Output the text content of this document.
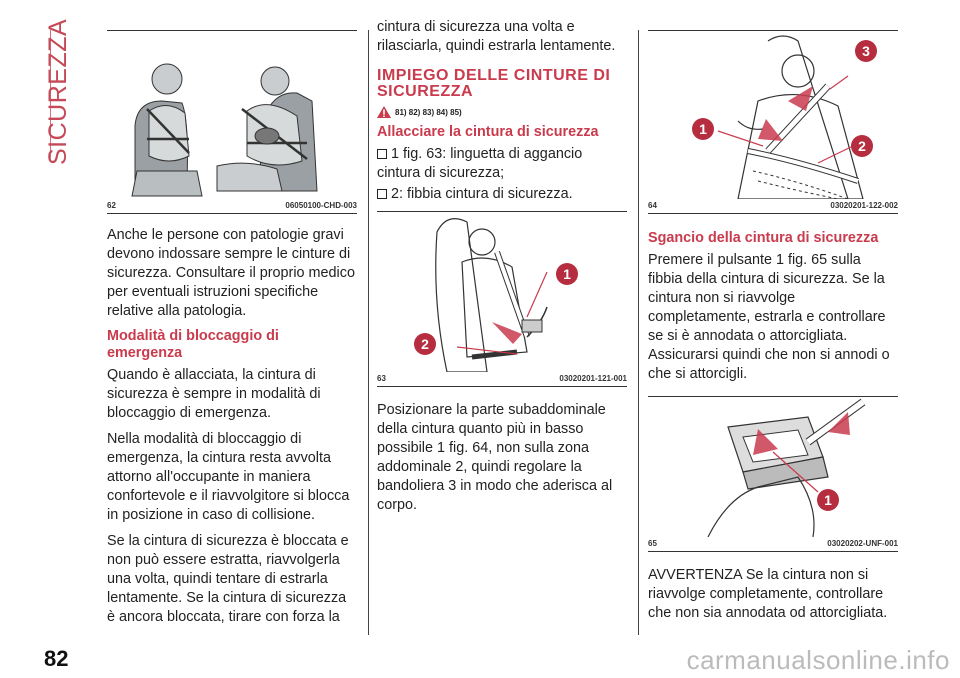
SICUREZZA
82
62	06050100-CHD-003

Anche le persone con patologie gravi devono indossare sempre le cinture di sicurezza. Consultare il proprio medico per eventuali istruzioni specifiche relative alla patologia.

Modalità di bloccaggio di emergenza

Quando è allacciata, la cintura di sicurezza è sempre in modalità di bloccaggio di emergenza.

Nella modalità di bloccaggio di emergenza, la cintura resta avvolta attorno all'occupante in maniera confortevole e il riavvolgitore si blocca in posizione in caso di collisione.

Se la cintura di sicurezza è bloccata e non può essere estratta, riavvolgerla una volta, quindi tentare di estrarla lentamente. Se la cintura di sicurezza è ancora bloccata, tirare con forza la

cintura di sicurezza una volta e rilasciarla, quindi estrarla lentamente.

IMPIEGO DELLE CINTURE DI SICUREZZA
81) 82) 83) 84) 85)
Allacciare la cintura di sicurezza

1 fig. 63: linguetta di aggancio cintura di sicurezza;

2: fibbia cintura di sicurezza.

2
1
63	03020201-121-001

Posizionare la parte subaddominale della cintura quanto più in basso possibile 1 fig. 64, non sulla zona addominale 2, quindi regolare la bandoliera 3 in modo che aderisca al corpo.

3
1
2
64	03020201-122-002
Sgancio della cintura di sicurezza

Premere il pulsante 1 fig. 65 sulla fibbia della cintura di sicurezza. Se la cintura non si riavvolge completamente, estrarla e controllare se si è annodata o attorcigliata. Assicurarsi quindi che non si annodi o che si attorcigli.

1
65	03020202-UNF-001

AVVERTENZA Se la cintura non si riavvolge completamente, controllare che non sia annodata od attorcigliata.

carmanualsonline.info
